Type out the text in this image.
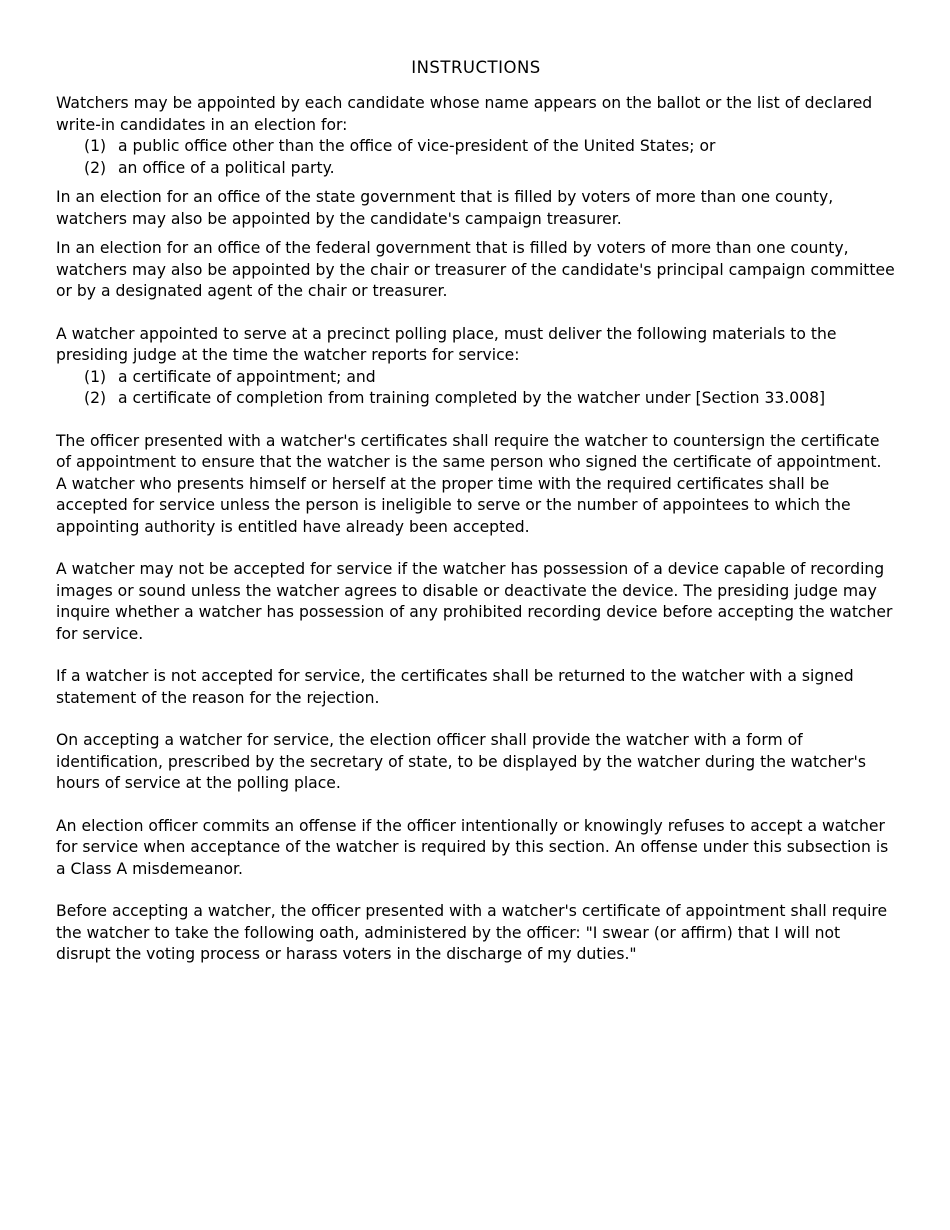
INSTRUCTIONS

Watchers may be appointed by each candidate whose name appears on the ballot or the list of declared write-in candidates in an election for:

(1) a public office other than the office of vice-president of the United States; or
(2) an office of a political party.

In an election for an office of the state government that is filled by voters of more than one county, watchers may also be appointed by the candidate's campaign treasurer.

In an election for an office of the federal government that is filled by voters of more than one county, watchers may also be appointed by the chair or treasurer of the candidate's principal campaign committee or by a designated agent of the chair or treasurer.

A watcher appointed to serve at a precinct polling place, must deliver the following materials to the presiding judge at the time the watcher reports for service:

(1) a certificate of appointment; and
(2) a certificate of completion from training completed by the watcher under [Section 33.008]

The officer presented with a watcher's certificates shall require the watcher to countersign the certificate of appointment to ensure that the watcher is the same person who signed the certificate of appointment. A watcher who presents himself or herself at the proper time with the required certificates shall be accepted for service unless the person is ineligible to serve or the number of appointees to which the appointing authority is entitled have already been accepted.

A watcher may not be accepted for service if the watcher has possession of a device capable of recording images or sound unless the watcher agrees to disable or deactivate the device. The presiding judge may inquire whether a watcher has possession of any prohibited recording device before accepting the watcher for service.

If a watcher is not accepted for service, the certificates shall be returned to the watcher with a signed statement of the reason for the rejection.

On accepting a watcher for service, the election officer shall provide the watcher with a form of identification, prescribed by the secretary of state, to be displayed by the watcher during the watcher's hours of service at the polling place.

An election officer commits an offense if the officer intentionally or knowingly refuses to accept a watcher for service when acceptance of the watcher is required by this section. An offense under this subsection is a Class A misdemeanor.

Before accepting a watcher, the officer presented with a watcher's certificate of appointment shall require the watcher to take the following oath, administered by the officer: "I swear (or affirm) that I will not disrupt the voting process or harass voters in the discharge of my duties."
